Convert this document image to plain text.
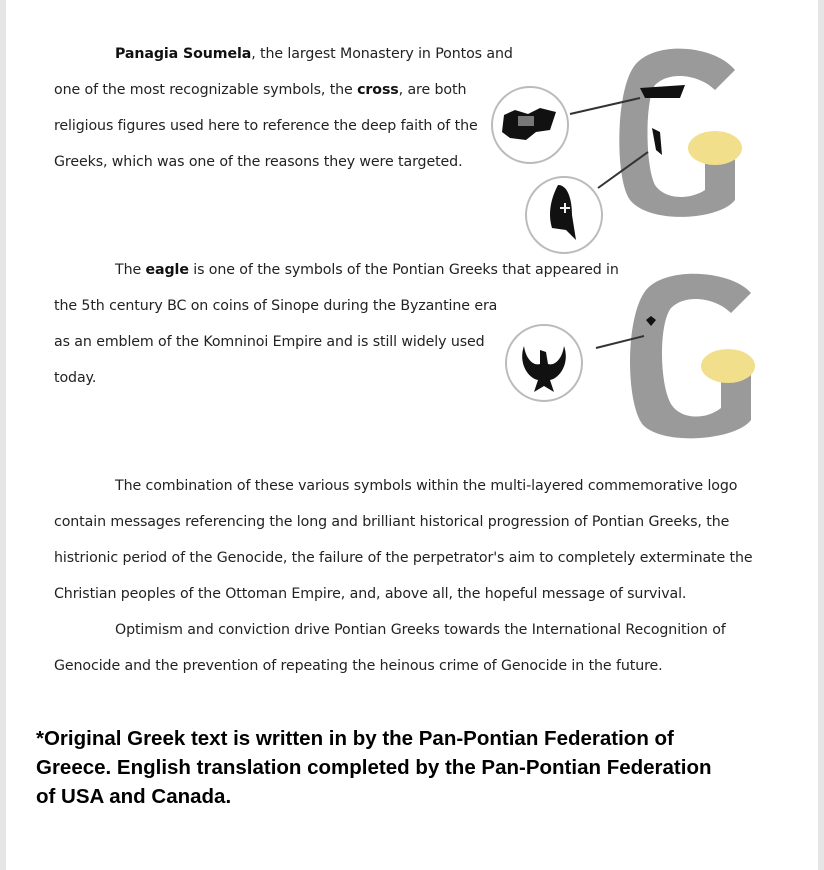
Panagia Soumela, the largest Monastery in Pontos and
one of the most recognizable symbols, the cross, are both
religious figures used here to reference the deep faith of the
Greeks, which was one of the reasons they were targeted.
The eagle is one of the symbols of the Pontian Greeks that appeared in
the 5th century BC on coins of Sinope during the Byzantine era
as an emblem of the Komninoi Empire and is still widely used
today.
The combination of these various symbols within the multi-layered commemorative logo
contain messages referencing the long and brilliant historical progression of Pontian Greeks, the
histrionic period of the Genocide, the failure of the perpetrator's aim to completely exterminate the
Christian peoples of the Ottoman Empire, and, above all, the hopeful message of survival.
Optimism and conviction drive Pontian Greeks towards the International Recognition of
Genocide and the prevention of repeating the heinous crime of Genocide in the future.
*Original Greek text is written in by the Pan-Pontian Federation of
Greece. English translation completed by the Pan-Pontian Federation
of USA and Canada.
